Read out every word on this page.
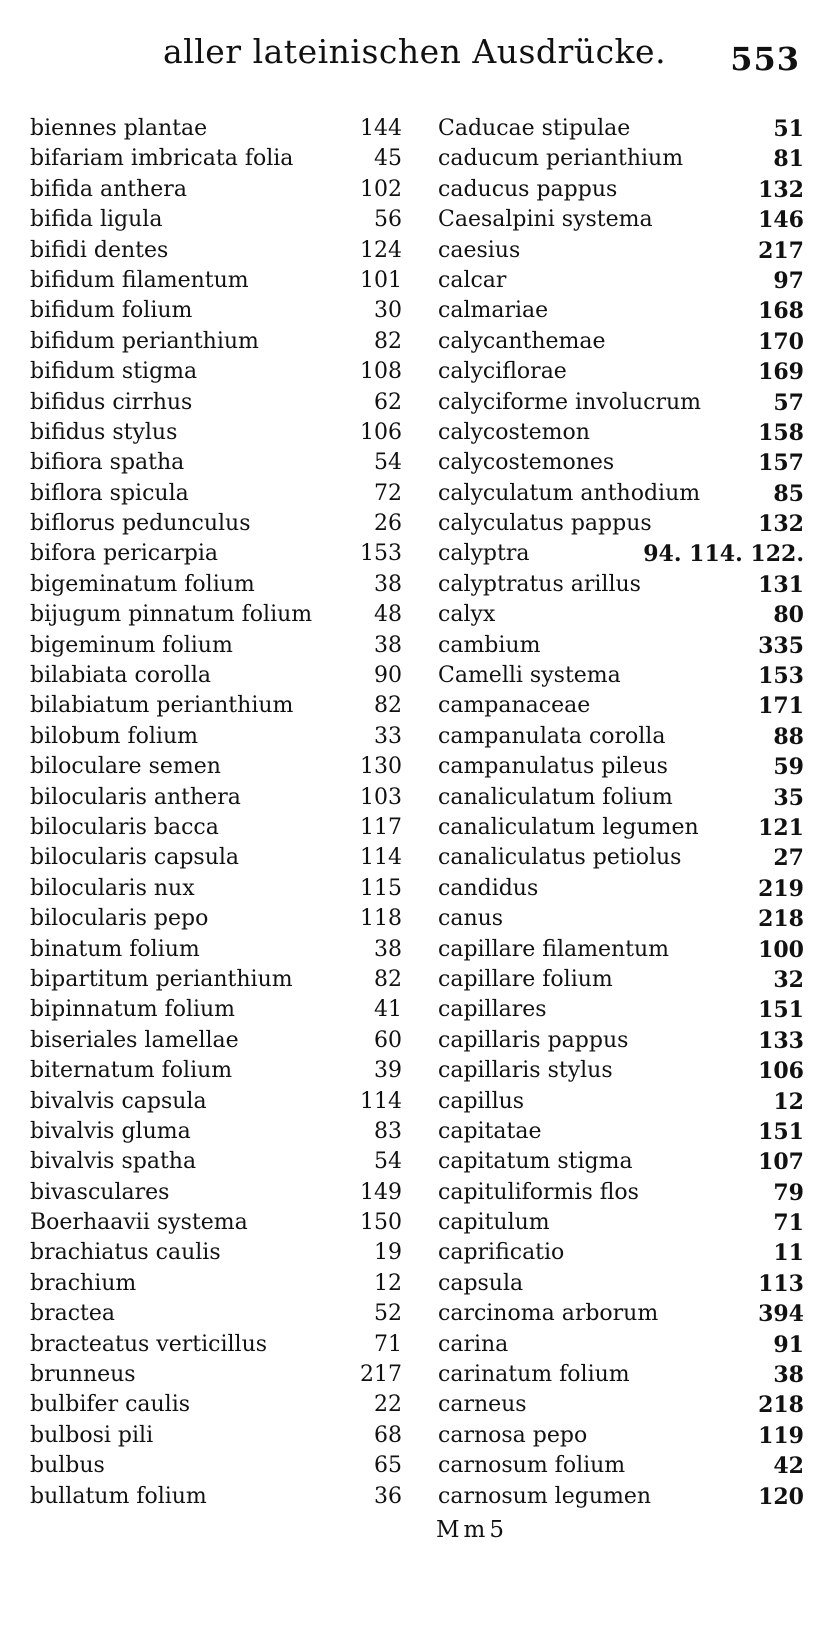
aller lateinischen Ausdrücke. 553
biennes plantae	144
bifariam imbricata folia	45
bifida anthera	102
bifida ligula	56
bifidi dentes	124
bifidum filamentum	101
bifidum folium	30
bifidum perianthium	82
bifidum stigma	108
bifidus cirrhus	62
bifidus stylus	106
bifiora spatha	54
biflora spicula	72
biflorus pedunculus	26
bifora pericarpia	153
bigeminatum folium	38
bijugum pinnatum folium	48
bigeminum folium	38
bilabiata corolla	90
bilabiatum perianthium	82
bilobum folium	33
biloculare semen	130
bilocularis anthera	103
bilocularis bacca	117
bilocularis capsula	114
bilocularis nux	115
bilocularis pepo	118
binatum folium	38
bipartitum perianthium	82
bipinnatum folium	41
biseriales lamellae	60
biternatum folium	39
bivalvis capsula	114
bivalvis gluma	83
bivalvis spatha	54
bivasculares	149
Boerhaavii systema	150
brachiatus caulis	19
brachium	12
bractea	52
bracteatus verticillus	71
brunneus	217
bulbifer caulis	22
bulbosi pili	68
bulbus	65
bullatum folium	36
Caducae stipulae	51
caducum perianthium	81
caducus pappus	132
Caesalpini systema	146
caesius	217
calcar	97
calmariae	168
calycanthemae	170
calyciflorae	169
calyciforme involucrum	57
calycostemon	158
calycostemones	157
calyculatum anthodium	85
calyculatus pappus	132
calyptra	94. 114. 122.
calyptratus arillus	131
calyx	80
cambium	335
Camelli systema	153
campanaceae	171
campanulata corolla	88
campanulatus pileus	59
canaliculatum folium	35
canaliculatum legumen	121
canaliculatus petiolus	27
candidus	219
canus	218
capillare filamentum	100
capillare folium	32
capillares	151
capillaris pappus	133
capillaris stylus	106
capillus	12
capitatae	151
capitatum stigma	107
capituliformis flos	79
capitulum	71
caprificatio	11
capsula	113
carcinoma arborum	394
carina	91
carinatum folium	38
carneus	218
carnosa pepo	119
carnosum folium	42
carnosum legumen	120
Mm5
